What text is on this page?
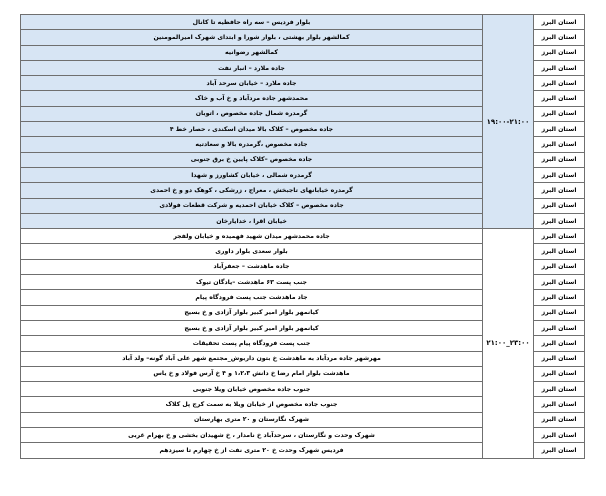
بلوار فردیس – سه راه حافظیه تا کانال	۱۹:۰۰-۲۱:۰۰	استان البرز
کمالشهر بلوار بهشتی ، بلوار شورا و ابتدای شهرک امیرالمومنین		استان البرز
کمالشهر رضوانیه		استان البرز
جاده ملارد – انبار نفت		استان البرز
جاده ملارد – خیابان سرحد آباد		استان البرز
محمدشهر جاده مردآباد و خ آب و خاک		استان البرز
گرمدره شمال جاده مخصوص ، اتوبان		استان البرز
جاده مخصوص – کلاک بالا میدان اسکندی ، حصار خط ۴		استان البرز
جاده مخصوص ،گرمدره بالا و سعادتیه		استان البرز
جاده مخصوص –کلاک پایین خ برق جنوبی		استان البرز
گرمدره شمالی ، خیابان کشاورز و شهدا		استان البرز
گرمدره خیابانهای تاجبخش ، معراج ، زرشکی ، کوهک دو و خ احمدی		استان البرز
جاده مخصوص – کلاک خیابان احمدیه و شرکت قطعات فولادی		استان البرز
خیابان اقرا ، خدایارخان		استان البرز
جاده محمدشهر میدان شهید فهمیده و خیابان ولفجر	۲۱:۰۰_۲۳:۰۰	استان البرز
بلوار سعدی بلوار داوری		استان البرز
جاده ماهدشت – جعفرآباد		استان البرز
جنب پست ۶۳ ماهدشت –یادگان تیوک		استان البرز
جاد ماهدشت جنب پست فرودگاه پیام		استان البرز
کیانمهر بلوار امیر کبیر بلوار آزادی و خ بسیج		استان البرز
کیانمهر بلوار امیر کبیر بلوار آزادی و خ بسیج		استان البرز
جنب پست فرودگاه پیام پست تحقیقات		استان البرز
مهرشهر جاده مردآباد به ماهدشت خ بتون داربوش_مجتمع شهر علی آباد گونه– ولد آباد		استان البرز
ماهدشت بلوار امام رضا خ دانش ۱،۲،۳ و ۴ خ آرس فولاد و خ یاس		استان البرز
جنوب جاده مخصوص خیابان ویلا جنوبی		استان البرز
جنوب جاده مخصوص از خیابان ویلا به سمت کرج پل کلاک		استان البرز
شهرک نگارستان و ۲۰ متری بهارستان		استان البرز
شهرک وحدت و نگارستان ، سرحدآباد خ نامدار ، خ شهیدان بخشی و خ بهرام غربی		استان البرز
فردیس شهرک وحدت خ ۲۰ متری نفت از خ چهارم تا سیزدهم		استان البرز
